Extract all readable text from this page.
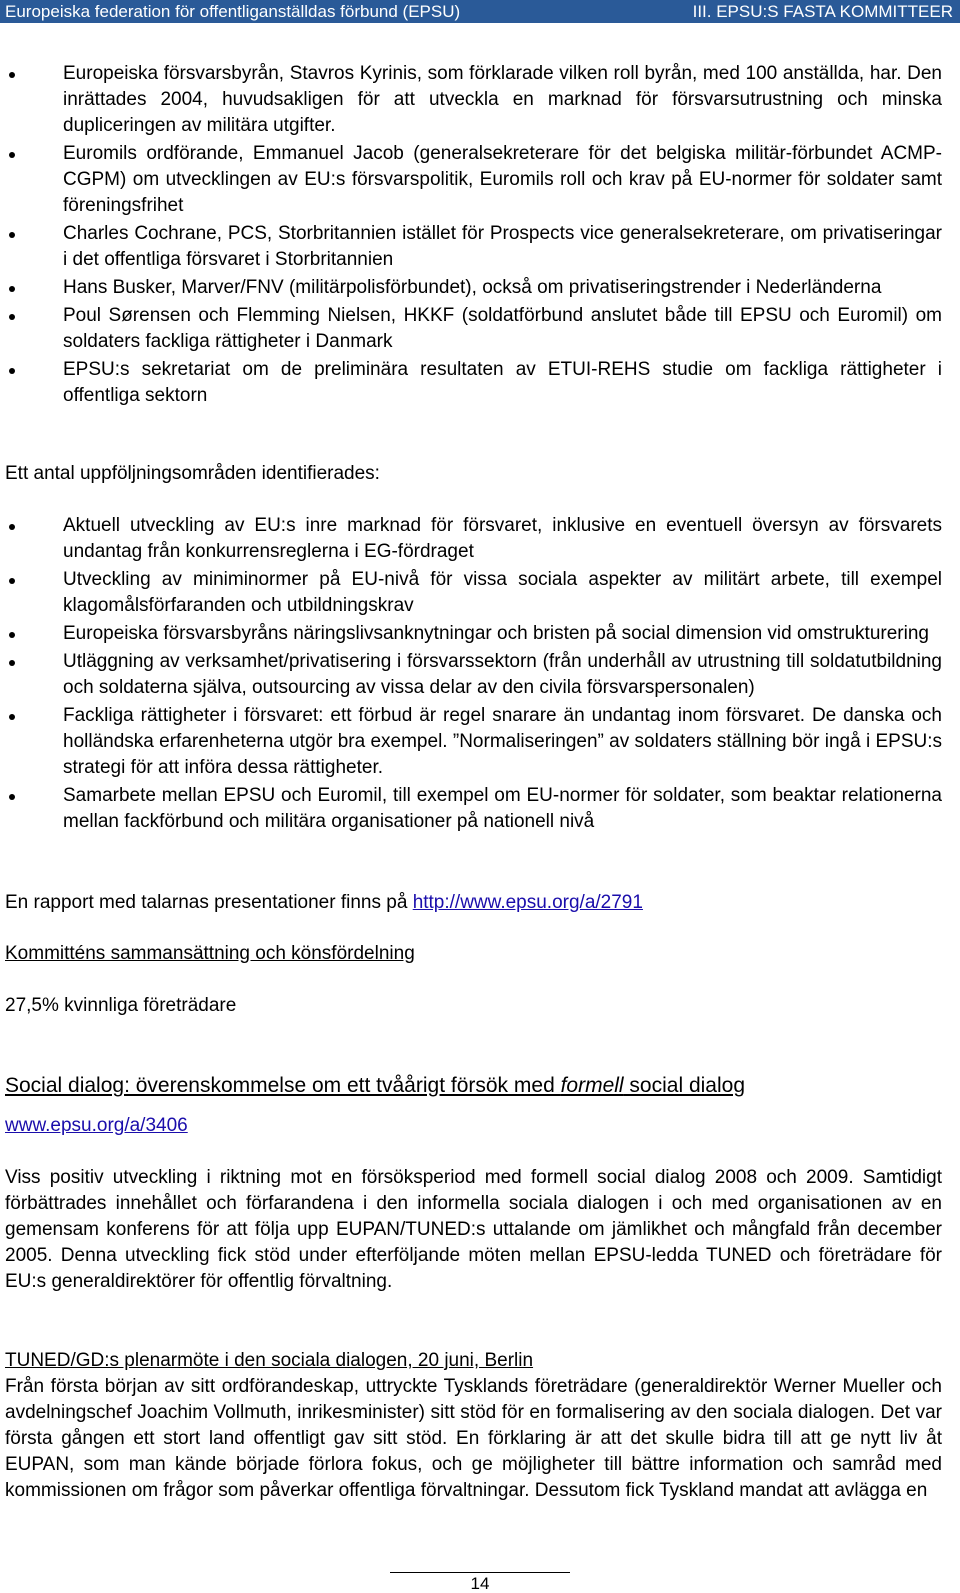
Europeiska federation för offentliganställdas förbund (EPSU)	III. EPSU:S FASTA KOMMITTEER
Europeiska försvarsbyrån, Stavros Kyrinis, som förklarade vilken roll byrån, med 100 anställda, har. Den inrättades 2004, huvudsakligen för att utveckla en marknad för försvarsutrustning och minska dupliceringen av militära utgifter.
Euromils ordförande, Emmanuel Jacob (generalsekreterare för det belgiska militär-förbundet ACMP-CGPM) om utvecklingen av EU:s försvarspolitik, Euromils roll och krav på EU-normer för soldater samt föreningsfrihet
Charles Cochrane, PCS, Storbritannien istället för Prospects vice generalsekreterare, om privatiseringar i det offentliga försvaret i Storbritannien
Hans Busker, Marver/FNV (militärpolisförbundet), också om privatiseringstrender i Nederländerna
Poul Sørensen och Flemming Nielsen, HKKF (soldatförbund anslutet både till EPSU och Euromil) om soldaters fackliga rättigheter i Danmark
EPSU:s sekretariat om de preliminära resultaten av ETUI-REHS studie om fackliga rättigheter i offentliga sektorn
Ett antal uppföljningsområden identifierades:
Aktuell utveckling av EU:s inre marknad för försvaret, inklusive en eventuell översyn av försvarets undantag från konkurrensreglerna i EG-fördraget
Utveckling av miniminormer på EU-nivå för vissa sociala aspekter av militärt arbete, till exempel klagomålsförfaranden och utbildningskrav
Europeiska försvarsbyråns näringslivsanknytningar och bristen på social dimension vid omstrukturering
Utläggning av verksamhet/privatisering i försvarssektorn (från underhåll av utrustning till soldatutbildning och soldaterna själva, outsourcing av vissa delar av den civila försvarspersonalen)
Fackliga rättigheter i försvaret: ett förbud är regel snarare än undantag inom försvaret. De danska och holländska erfarenheterna utgör bra exempel. ”Normaliseringen” av soldaters ställning bör ingå i EPSU:s strategi för att införa dessa rättigheter.
Samarbete mellan EPSU och Euromil, till exempel om EU-normer för soldater, som beaktar relationerna mellan fackförbund och militära organisationer på nationell nivå
En rapport med talarnas presentationer finns på http://www.epsu.org/a/2791
Kommitténs sammansättning och könsfördelning
27,5% kvinnliga företrädare
Social dialog: överenskommelse om ett tvåårigt försök med formell social dialog
www.epsu.org/a/3406
Viss positiv utveckling i riktning mot en försöksperiod med formell social dialog 2008 och 2009. Samtidigt förbättrades innehållet och förfarandena i den informella sociala dialogen i och med organisationen av en gemensam konferens för att följa upp EUPAN/TUNED:s uttalande om jämlikhet och mångfald från december 2005. Denna utveckling fick stöd under efterföljande möten mellan EPSU-ledda TUNED och företrädare för EU:s generaldirektörer för offentlig förvaltning.
TUNED/GD:s plenarmöte i den sociala dialogen, 20 juni, Berlin
Från första början av sitt ordförandeskap, uttryckte Tysklands företrädare (generaldirektör Werner Mueller och avdelningschef Joachim Vollmuth, inrikesminister) sitt stöd för en formalisering av den sociala dialogen. Det var första gången ett stort land offentligt gav sitt stöd. En förklaring är att det skulle bidra till att ge nytt liv åt EUPAN, som man kände började förlora fokus, och ge möjligheter till bättre information och samråd med kommissionen om frågor som påverkar offentliga förvaltningar. Dessutom fick Tyskland mandat att avlägga en
14
